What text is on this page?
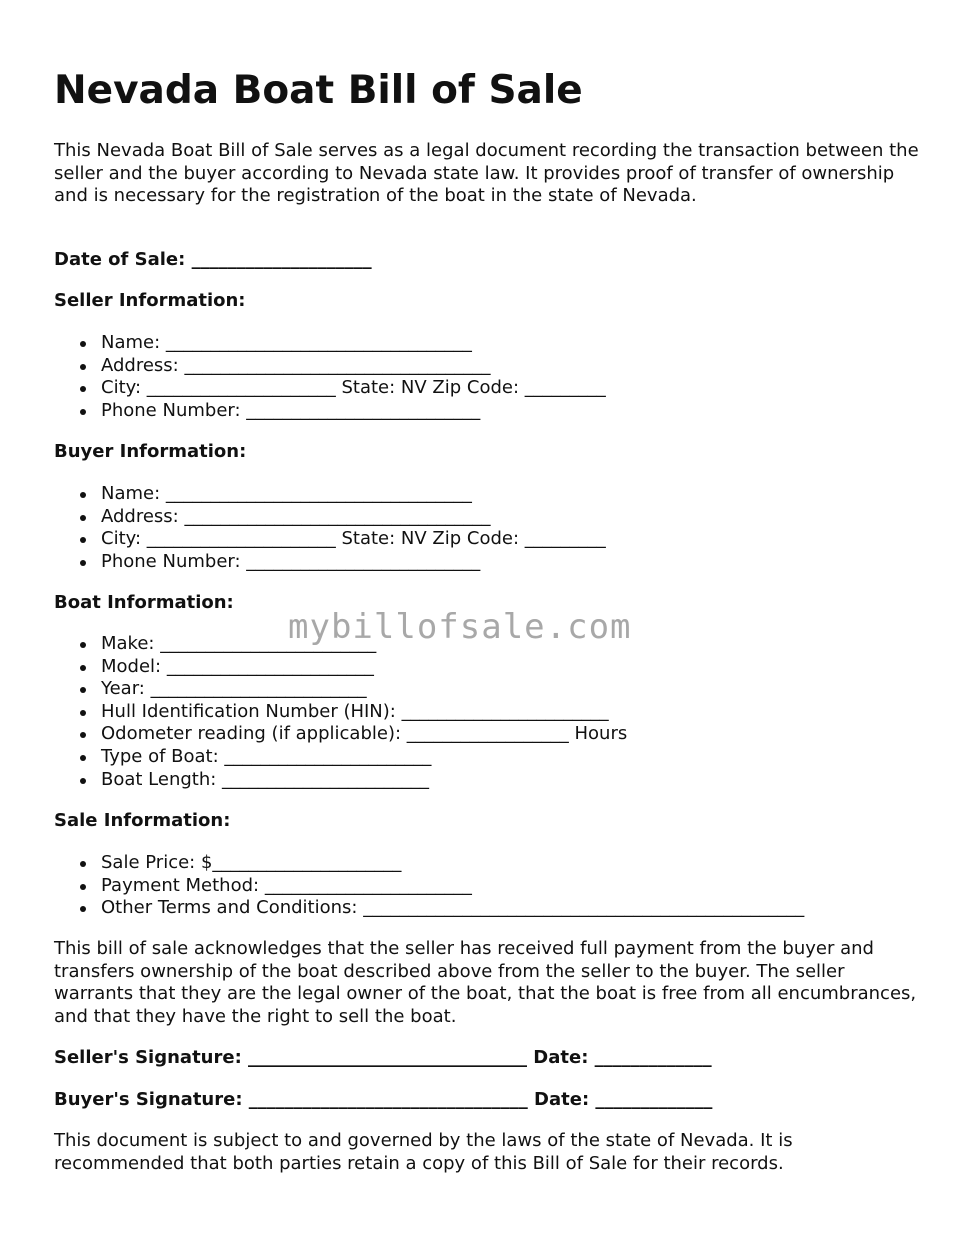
Nevada Boat Bill of Sale

This Nevada Boat Bill of Sale serves as a legal document recording the transaction between the seller and the buyer according to Nevada state law. It provides proof of transfer of ownership and is necessary for the registration of the boat in the state of Nevada.

Date of Sale: ____________________

Seller Information:

Name: __________________________________
Address: __________________________________
City: _____________________ State: NV Zip Code: _________
Phone Number: __________________________

Buyer Information:

Name: __________________________________
Address: __________________________________
City: _____________________ State: NV Zip Code: _________
Phone Number: __________________________

Boat Information:

Make: ________________________
Model: _______________________
Year: ________________________
Hull Identification Number (HIN): _______________________
Odometer reading (if applicable): __________________ Hours
Type of Boat: _______________________
Boat Length: _______________________

Sale Information:

Sale Price: $_____________________
Payment Method: _______________________
Other Terms and Conditions: _________________________________________________

This bill of sale acknowledges that the seller has received full payment from the buyer and transfers ownership of the boat described above from the seller to the buyer. The seller warrants that they are the legal owner of the boat, that the boat is free from all encumbrances, and that they have the right to sell the boat.

Seller's Signature: _______________________________ Date: _____________

Buyer's Signature: _______________________________ Date: _____________

This document is subject to and governed by the laws of the state of Nevada. It is recommended that both parties retain a copy of this Bill of Sale for their records.

mybillofsale.com
